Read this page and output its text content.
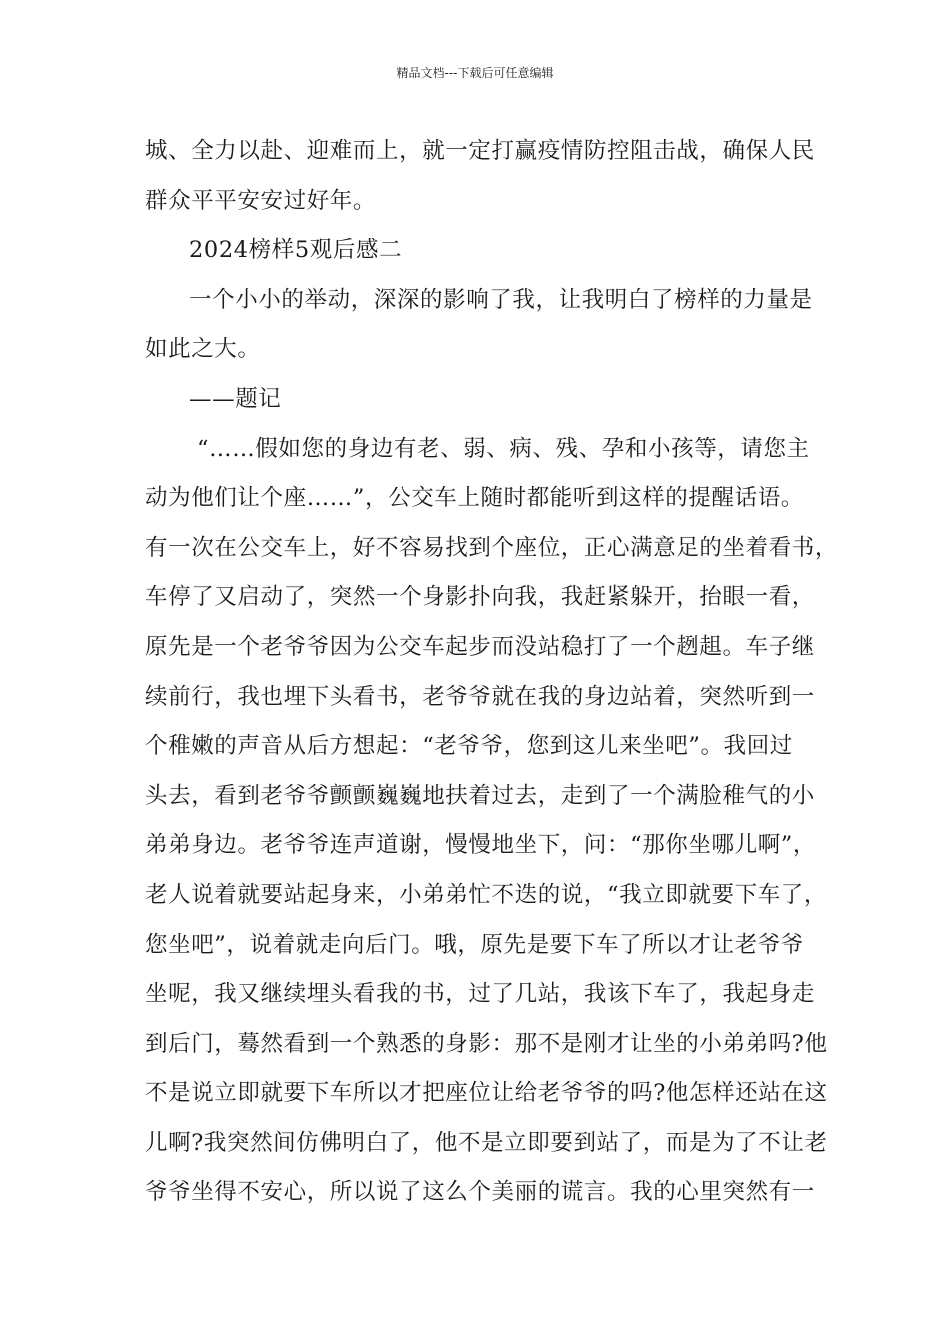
精品文档---下载后可任意编辑
城、全力以赴、迎难而上，就一定打赢疫情防控阻击战，确保人民
群众平平安安过好年。
2024榜样5观后感二
一个小小的举动，深深的影响了我，让我明白了榜样的力量是
如此之大。
——题记
“……假如您的身边有老、弱、病、残、孕和小孩等，请您主
动为他们让个座……”，公交车上随时都能听到这样的提醒话语。
有一次在公交车上，好不容易找到个座位，正心满意足的坐着看书，
车停了又启动了，突然一个身影扑向我，我赶紧躲开，抬眼一看，
原先是一个老爷爷因为公交车起步而没站稳打了一个趔趄。车子继
续前行，我也埋下头看书，老爷爷就在我的身边站着，突然听到一
个稚嫩的声音从后方想起：“老爷爷，您到这儿来坐吧”。我回过
头去，看到老爷爷颤颤巍巍地扶着过去，走到了一个满脸稚气的小
弟弟身边。老爷爷连声道谢，慢慢地坐下，问：“那你坐哪儿啊”，
老人说着就要站起身来，小弟弟忙不迭的说，“我立即就要下车了，
您坐吧”，说着就走向后门。哦，原先是要下车了所以才让老爷爷
坐呢，我又继续埋头看我的书，过了几站，我该下车了，我起身走
到后门，蓦然看到一个熟悉的身影：那不是刚才让坐的小弟弟吗?他
不是说立即就要下车所以才把座位让给老爷爷的吗?他怎样还站在这
儿啊?我突然间仿佛明白了，他不是立即要到站了，而是为了不让老
爷爷坐得不安心，所以说了这么个美丽的谎言。我的心里突然有一
